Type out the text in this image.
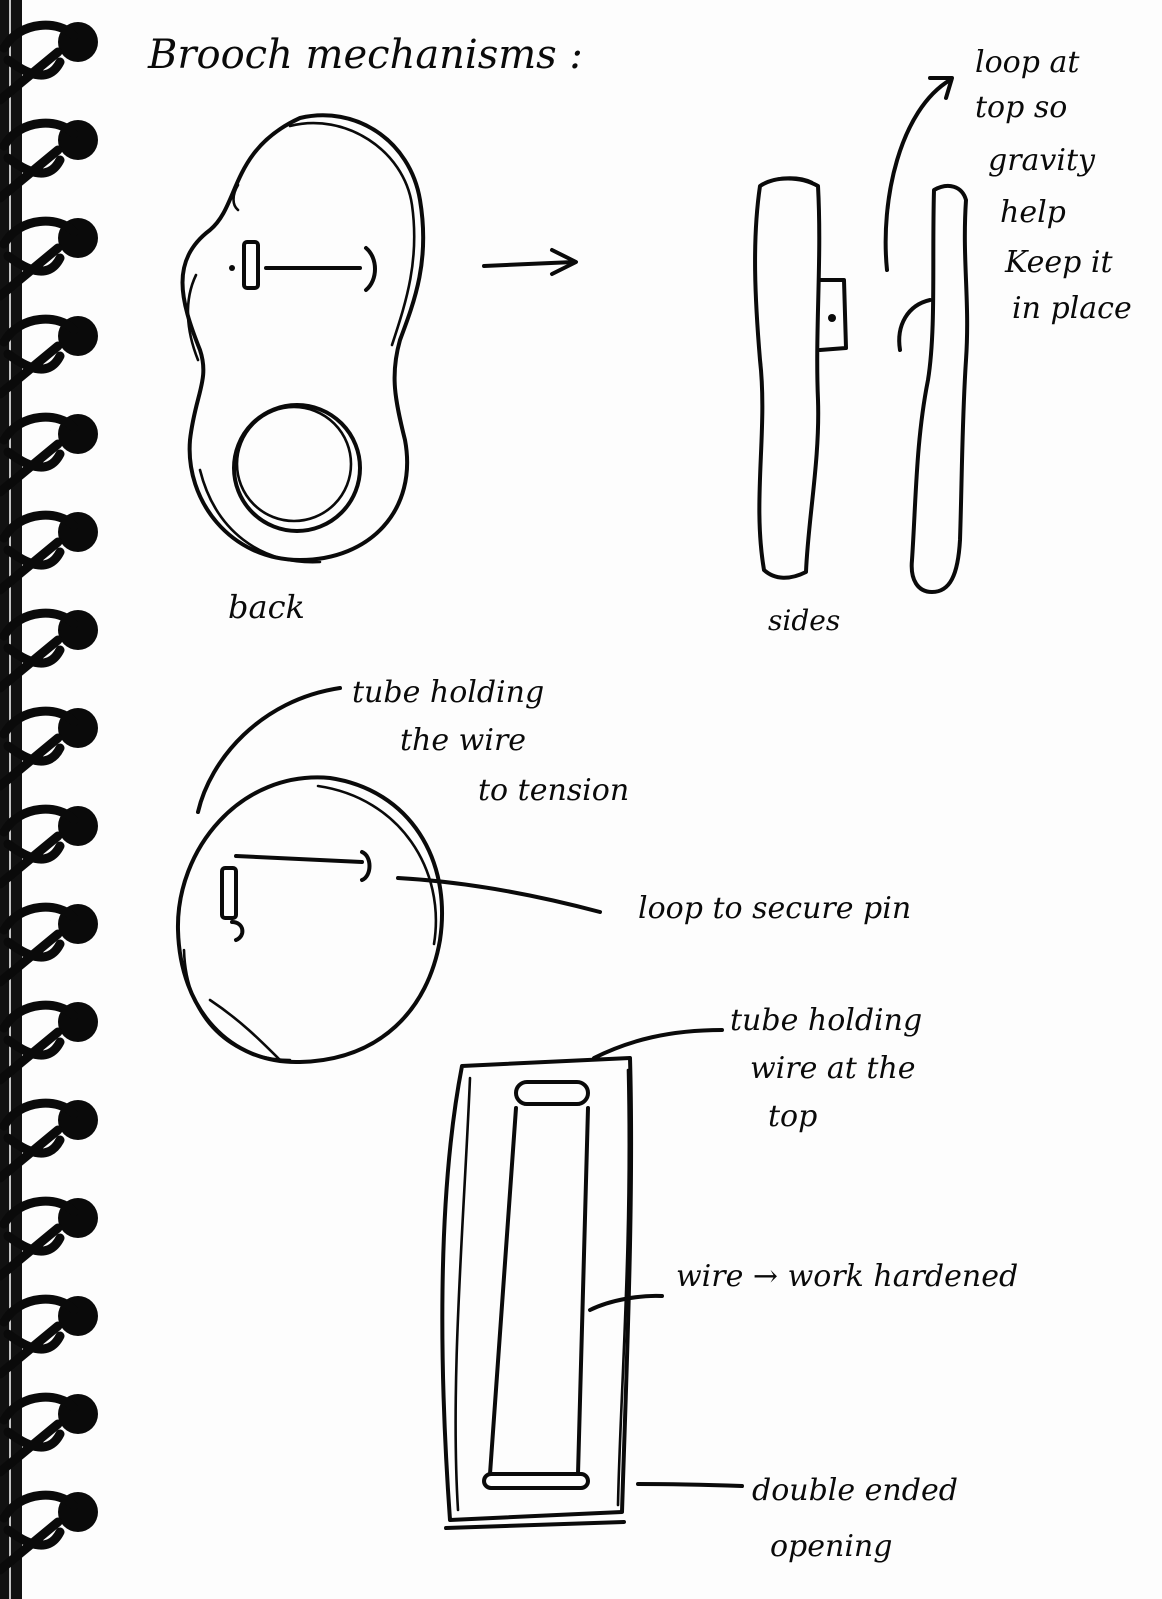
Brooch mechanisms :
back
loop at
top so
gravity
help
Keep it
in place
sides
tube holding
the wire
to tension
loop to secure pin
tube holding
wire at the
top
wire → work hardened
double ended
opening
